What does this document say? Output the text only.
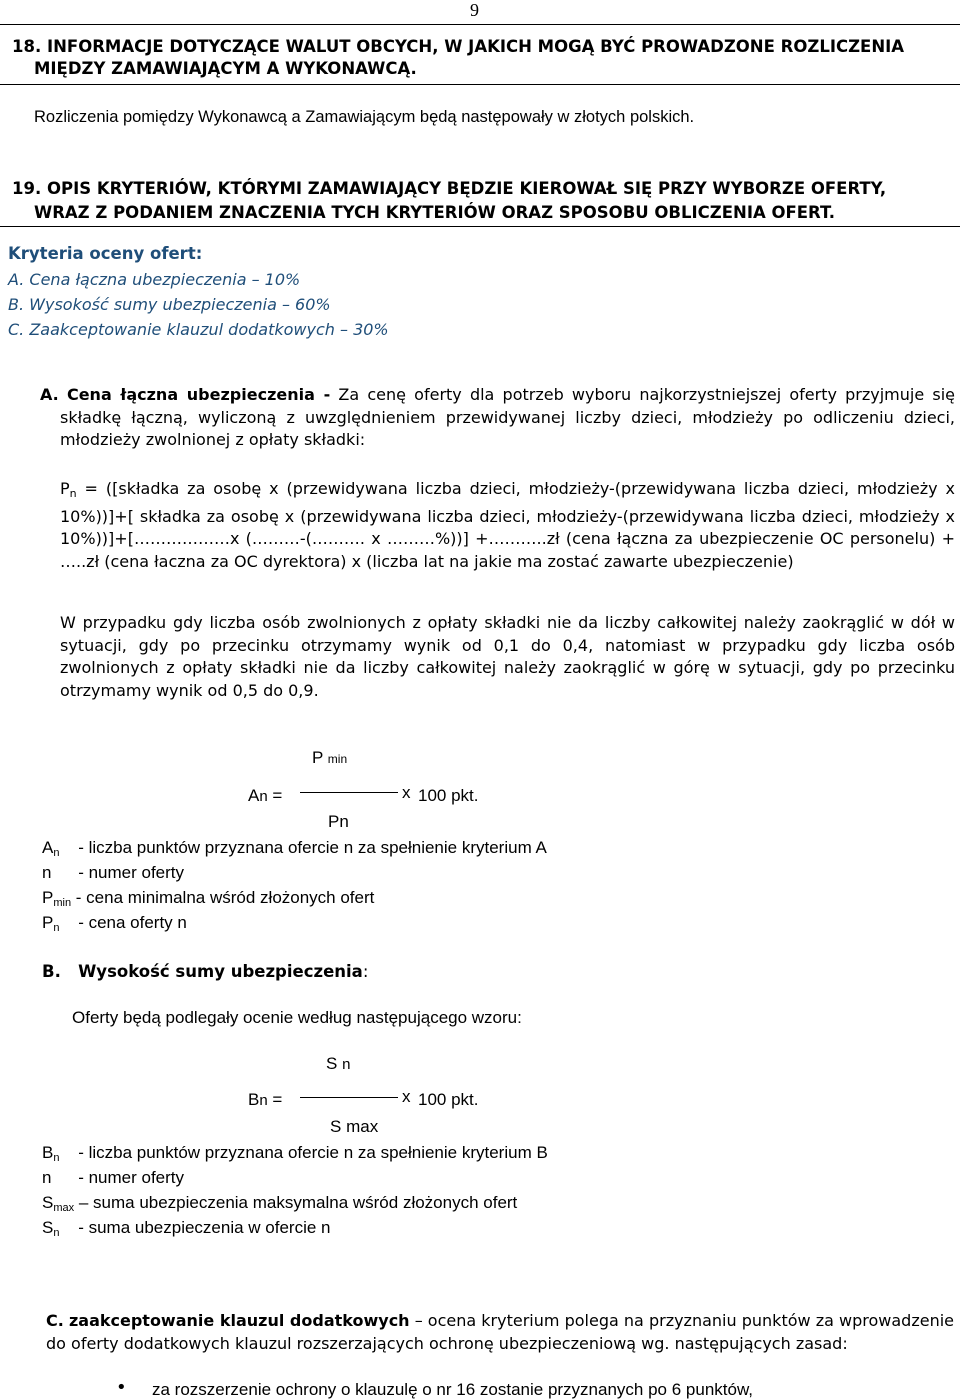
9
18. INFORMACJE DOTYCZĄCE WALUT OBCYCH, W JAKICH MOGĄ BYĆ PROWADZONE ROZLICZENIA
MIĘDZY ZAMAWIAJĄCYM A WYKONAWCĄ.
Rozliczenia pomiędzy Wykonawcą a Zamawiającym będą następowały w złotych polskich.
19. OPIS KRYTERIÓW, KTÓRYMI ZAMAWIAJĄCY BĘDZIE KIEROWAŁ SIĘ PRZY WYBORZE OFERTY,
WRAZ Z PODANIEM ZNACZENIA TYCH KRYTERIÓW ORAZ SPOSOBU OBLICZENIA OFERT.
Kryteria oceny ofert:
A. Cena łączna ubezpieczenia – 10%
B. Wysokość sumy ubezpieczenia – 60%
C. Zaakceptowanie klauzul dodatkowych – 30%
A. Cena łączna ubezpieczenia - Za cenę oferty dla potrzeb wyboru najkorzystniejszej oferty przyjmuje się składkę łączną, wyliczoną z uwzględnieniem przewidywanej liczby dzieci, młodzieży po odliczeniu dzieci, młodzieży zwolnionej z opłaty składki:
$P_n$ = ([składka za osobę x (przewidywana liczba dzieci, młodzieży-(przewidywana liczba dzieci, młodzieży x 10%))]+[ składka za osobę x (przewidywana liczba dzieci, młodzieży-(przewidywana liczba dzieci, młodzieży x 10%))]+[………………x (………-(………. x ………%))] +………..zł (cena łączna za ubezpieczenie OC personelu) + …..zł (cena łaczna za OC dyrektora) x (liczba lat na jakie ma zostać zawarte ubezpieczenie)
W przypadku gdy liczba osób zwolnionych z opłaty składki nie da liczby całkowitej należy zaokrąglić w dół w sytuacji, gdy po przecinku otrzymamy wynik od 0,1 do 0,4, natomiast w przypadku gdy liczba osób zwolnionych z opłaty składki nie da liczby całkowitej należy zaokrąglić w górę w sytuacji, gdy po przecinku otrzymamy wynik od 0,5 do 0,9.
P min
An =	x 100 pkt.
Pn
$A_n$ - liczba punktów przyznana ofercie n za spełnienie kryterium A
n - numer oferty
$P_{min}$ - cena minimalna wśród złożonych ofert
$P_n$ - cena oferty n
B. Wysokość sumy ubezpieczenia:
Oferty będą podlegały ocenie według następującego wzoru:
S n
Bn =	x 100 pkt.
S max
$B_n$ - liczba punktów przyznana ofercie n za spełnienie kryterium B
n - numer oferty
$S_{max}$ – suma ubezpieczenia maksymalna wśród złożonych ofert
$S_n$ - suma ubezpieczenia w ofercie n
C. zaakceptowanie klauzul dodatkowych – ocena kryterium polega na przyznaniu punktów za wprowadzenie do oferty dodatkowych klauzul rozszerzających ochronę ubezpieczeniową wg. następujących zasad:
• za rozszerzenie ochrony o klauzulę o nr 16 zostanie przyznanych po 6 punktów,
